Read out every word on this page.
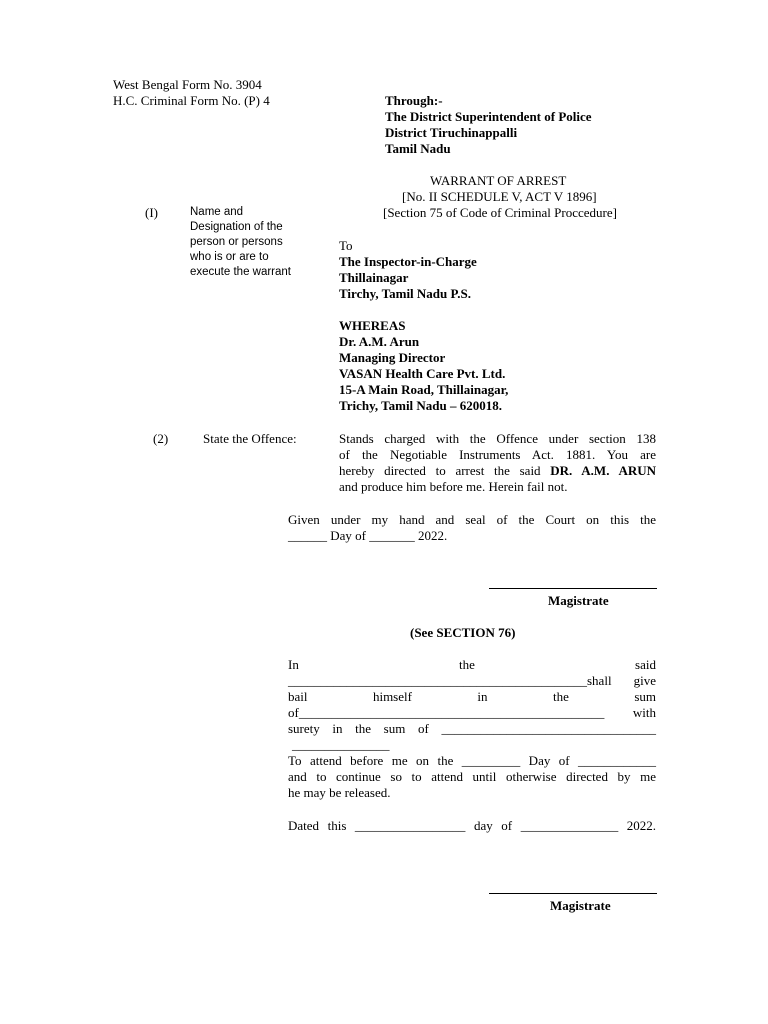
West Bengal Form No. 3904
H.C. Criminal Form No. (P) 4	Through:-
The District Superintendent of Police
District Tiruchinappalli
Tamil Nadu
WARRANT OF ARREST
[No. II SCHEDULE V, ACT V 1896]
[Section 75 of Code of Criminal Proccedure]
(I)	Name and
Designation of the
person or persons
who is or are to
execute the warrant
To
The Inspector-in-Charge
Thillainagar
Tirchy, Tamil Nadu P.S.
WHEREAS
Dr. A.M. Arun
Managing Director
VASAN Health Care Pvt. Ltd.
15-A Main Road, Thillainagar,
Trichy, Tamil Nadu – 620018.
(2)	State the Offence:	Stands charged with the Offence under section 138
of the Negotiable Instruments Act. 1881. You are
hereby directed to arrest the said DR. A.M. ARUN
and produce him before me. Herein fail not.
Given under my hand and seal of the Court on this the
______ Day of _______ 2022.
Magistrate
(See SECTION 76)
In	the	said
______________________________________________shall give
bail	himself	in	the	sum
of_______________________________________________ with
surety in the sum of _________________________________
_______________
To attend before me on the _________ Day of ____________
and to continue so to attend until otherwise directed by me
he may be released.
Dated this _________________ day of _______________ 2022.
Magistrate
